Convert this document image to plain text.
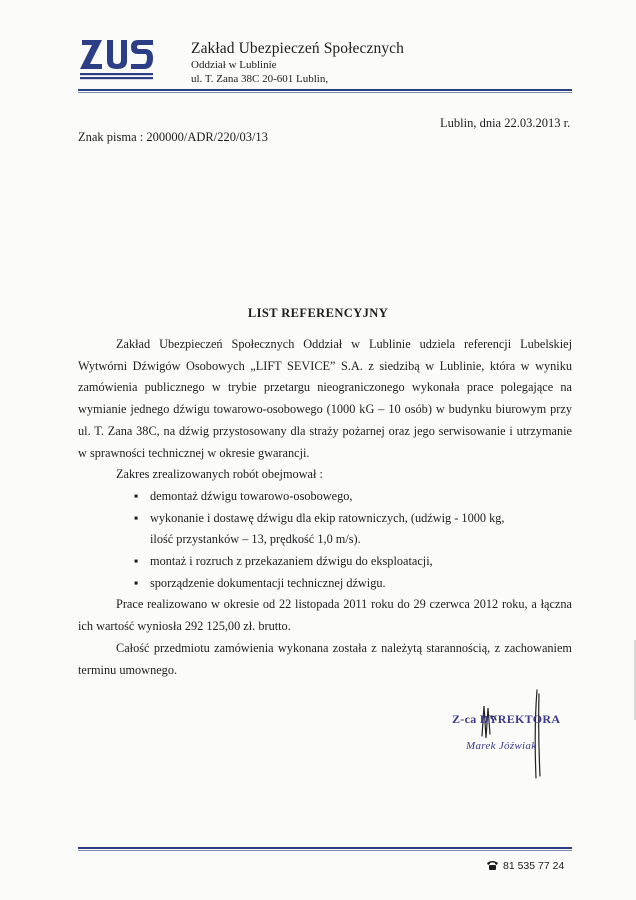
Zakład Ubezpieczeń Społecznych
Oddział w Lublinie
ul. T. Zana 38C 20-601 Lublin,
Lublin, dnia 22.03.2013 r.
Znak pisma : 200000/ADR/220/03/13
LIST REFERENCYJNY

Zakład Ubezpieczeń Społecznych Oddział w Lublinie udziela referencji Lubelskiej Wytwórni Dźwigów Osobowych „LIFT SEVICE” S.A. z siedzibą w Lublinie, która w wyniku zamówienia publicznego w trybie przetargu nieograniczonego wykonała prace polegające na wymianie jednego dźwigu towarowo-osobowego (1000 kG – 10 osób) w budynku biurowym przy ul. T. Zana 38C, na dźwig przystosowany dla straży pożarnej oraz jego serwisowanie i utrzymanie w sprawności technicznej w okresie gwarancji.

Zakres zrealizowanych robót obejmował :

▪ demontaż dźwigu towarowo-osobowego,

▪ wykonanie i dostawę dźwigu dla ekip ratowniczych, (udźwig - 1000 kg,

ilość przystanków – 13, prędkość 1,0 m/s).

▪ montaż i rozruch z przekazaniem dźwigu do eksploatacji,

▪ sporządzenie dokumentacji technicznej dźwigu.

Prace realizowano w okresie od 22 listopada 2011 roku do 29 czerwca 2012 roku, a łączna ich wartość wyniosła 292 125,00 zł. brutto.

Całość przedmiotu zamówienia wykonana została z należytą starannością, z zachowaniem terminu umownego.

Z-ca DYREKTORA
Marek Jóźwiak
81 535 77 24
